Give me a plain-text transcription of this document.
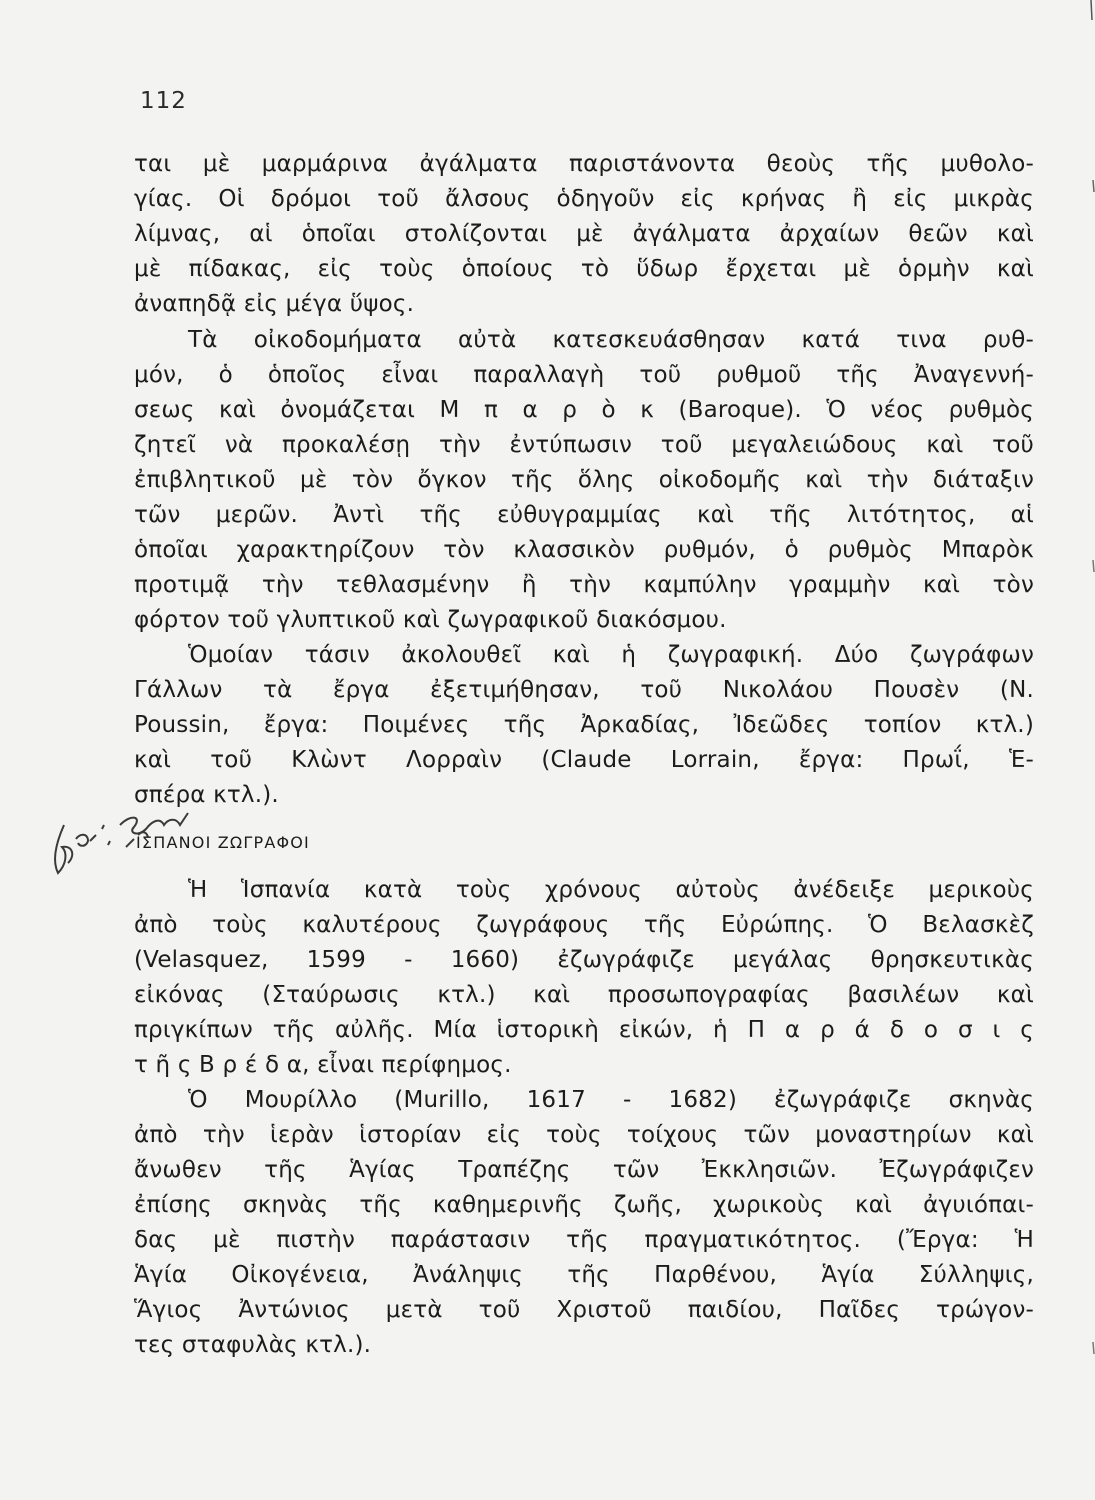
112
ται μὲ μαρμάρινα ἀγάλματα παριστάνοντα θεοὺς τῆς μυθολο-
γίας. Οἱ δρόμοι τοῦ ἄλσους ὁδηγοῦν εἰς κρήνας ἢ εἰς μικρὰς
λίμνας, αἱ ὁποῖαι στολίζονται μὲ ἀγάλματα ἀρχαίων θεῶν καὶ
μὲ πίδακας, εἰς τοὺς ὁποίους τὸ ὕδωρ ἔρχεται μὲ ὁρμὴν καὶ
ἀναπηδᾷ εἰς μέγα ὕψος.
Τὰ οἰκοδομήματα αὐτὰ κατεσκευάσθησαν κατά τινα ρυθ-
μόν, ὁ ὁποῖος εἶναι παραλλαγὴ τοῦ ρυθμοῦ τῆς Ἀναγεννή-
σεως καὶ ὀνομάζεται Μ π α ρ ὸ κ (Baroque). Ὁ νέος ρυθμὸς
ζητεῖ νὰ προκαλέσῃ τὴν ἐντύπωσιν τοῦ μεγαλειώδους καὶ τοῦ
ἐπιβλητικοῦ μὲ τὸν ὄγκον τῆς ὅλης οἰκοδομῆς καὶ τὴν διάταξιν
τῶν μερῶν. Ἀντὶ τῆς εὐθυγραμμίας καὶ τῆς λιτότητος, αἱ
ὁποῖαι χαρακτηρίζουν τὸν κλασσικὸν ρυθμόν, ὁ ρυθμὸς Μπαρὸκ
προτιμᾷ τὴν τεθλασμένην ἢ τὴν καμπύλην γραμμὴν καὶ τὸν
φόρτον τοῦ γλυπτικοῦ καὶ ζωγραφικοῦ διακόσμου.
Ὁμοίαν τάσιν ἀκολουθεῖ καὶ ἡ ζωγραφική. Δύο ζωγράφων
Γάλλων τὰ ἔργα ἐξετιμήθησαν, τοῦ Νικολάου Πουσὲν (Ν.
Poussin, ἔργα: Ποιμένες τῆς Ἀρκαδίας, Ἰδεῶδες τοπίον κτλ.)
καὶ τοῦ Κλὼντ Λορραὶν (Claude Lorrain, ἔργα: Πρωΐ, Ἑ-
σπέρα κτλ.).
ΙΣΠΑΝΟΙ ΖΩΓΡΑΦΟΙ
Ἡ Ἱσπανία κατὰ τοὺς χρόνους αὐτοὺς ἀνέδειξε μερικοὺς
ἀπὸ τοὺς καλυτέρους ζωγράφους τῆς Εὐρώπης. Ὁ Βελασκὲζ
(Velasquez, 1599 - 1660) ἐζωγράφιζε μεγάλας θρησκευτικὰς
εἰκόνας (Σταύρωσις κτλ.) καὶ προσωπογραφίας βασιλέων καὶ
πριγκίπων τῆς αὐλῆς. Μία ἱστορικὴ εἰκών, ἡ Π α ρ ά δ ο σ ι ς
τ ῆ ς Β ρ έ δ α, εἶναι περίφημος.
Ὁ Μουρίλλο (Murillo, 1617 - 1682) ἐζωγράφιζε σκηνὰς
ἀπὸ τὴν ἱερὰν ἱστορίαν εἰς τοὺς τοίχους τῶν μοναστηρίων καὶ
ἄνωθεν τῆς Ἁγίας Τραπέζης τῶν Ἐκκλησιῶν. Ἐζωγράφιζεν
ἐπίσης σκηνὰς τῆς καθημερινῆς ζωῆς, χωρικοὺς καὶ ἀγυιόπαι-
δας μὲ πιστὴν παράστασιν τῆς πραγματικότητος. (Ἔργα: Ἡ
Ἁγία Οἰκογένεια, Ἀνάληψις τῆς Παρθένου, Ἁγία Σύλληψις,
Ἅγιος Ἀντώνιος μετὰ τοῦ Χριστοῦ παιδίου, Παῖδες τρώγον-
τες σταφυλὰς κτλ.).
